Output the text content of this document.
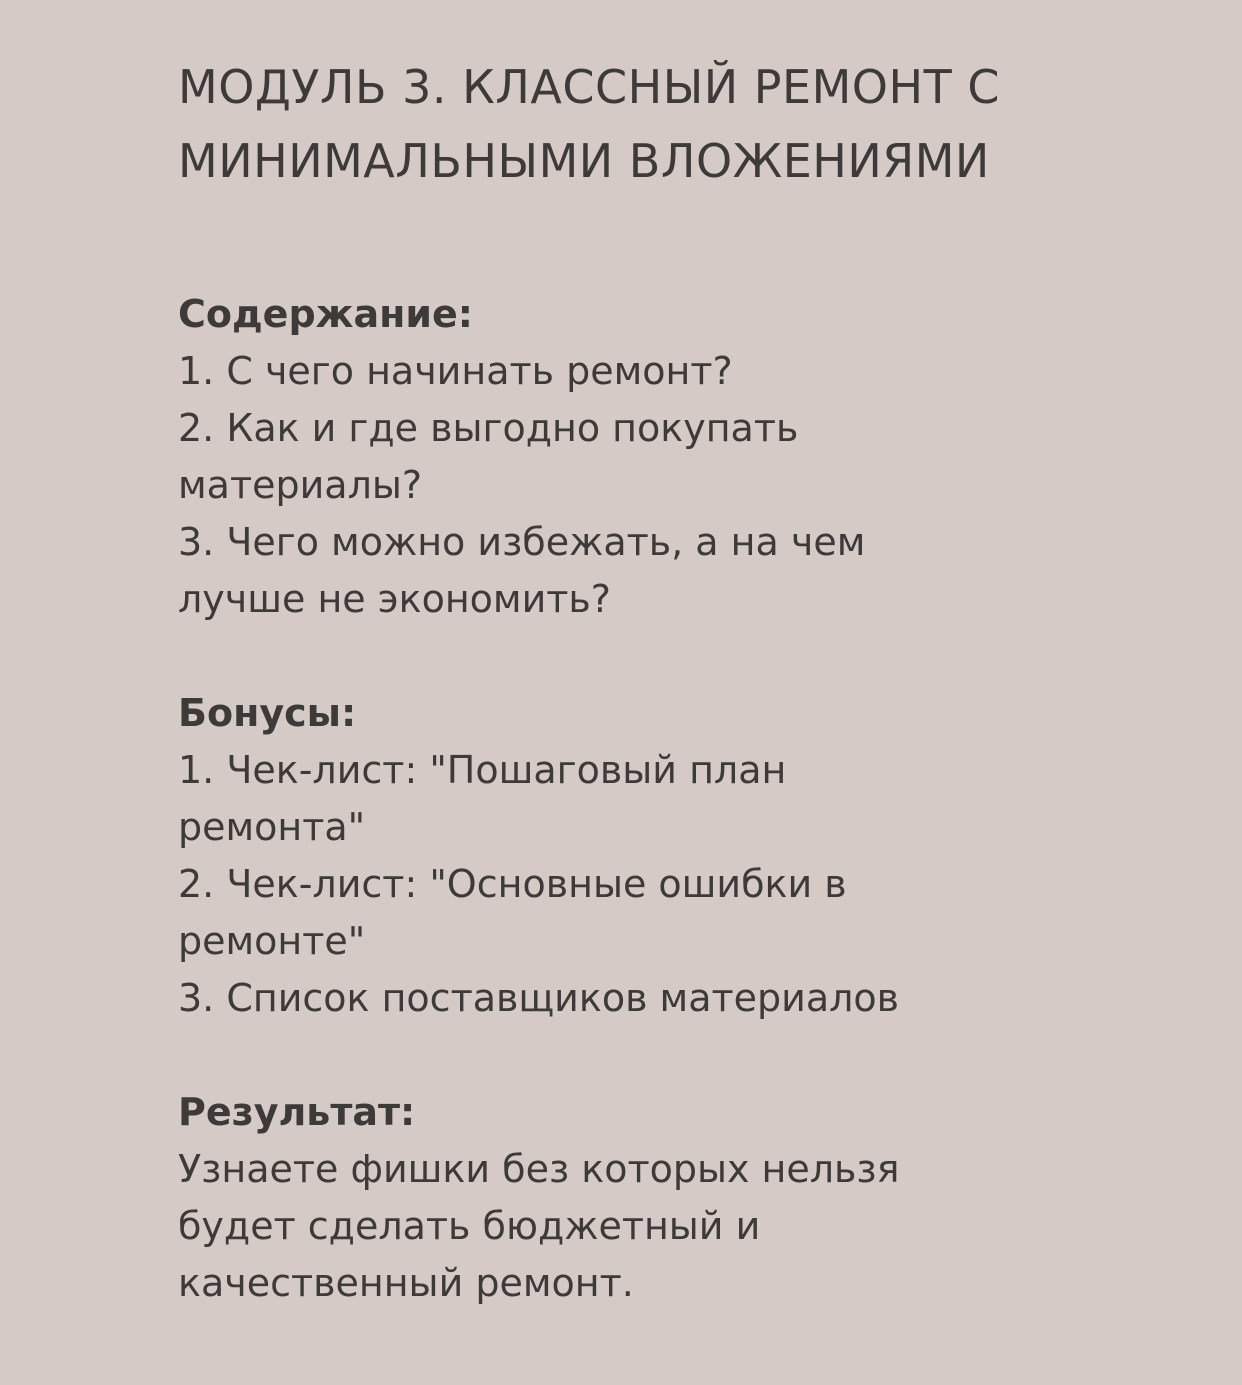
МОДУЛЬ 3. КЛАССНЫЙ РЕМОНТ С МИНИМАЛЬНЫМИ ВЛОЖЕНИЯМИ

Содержание:

1. С чего начинать ремонт?

2. Как и где выгодно покупать материалы?

3. Чего можно избежать, а на чем лучше не экономить?

Бонусы:

1. Чек-лист: "Пошаговый план ремонта"

2. Чек-лист: "Основные ошибки в ремонте"

3. Список поставщиков материалов

Результат:

Узнаете фишки без которых нельзя будет сделать бюджетный и качественный ремонт.
